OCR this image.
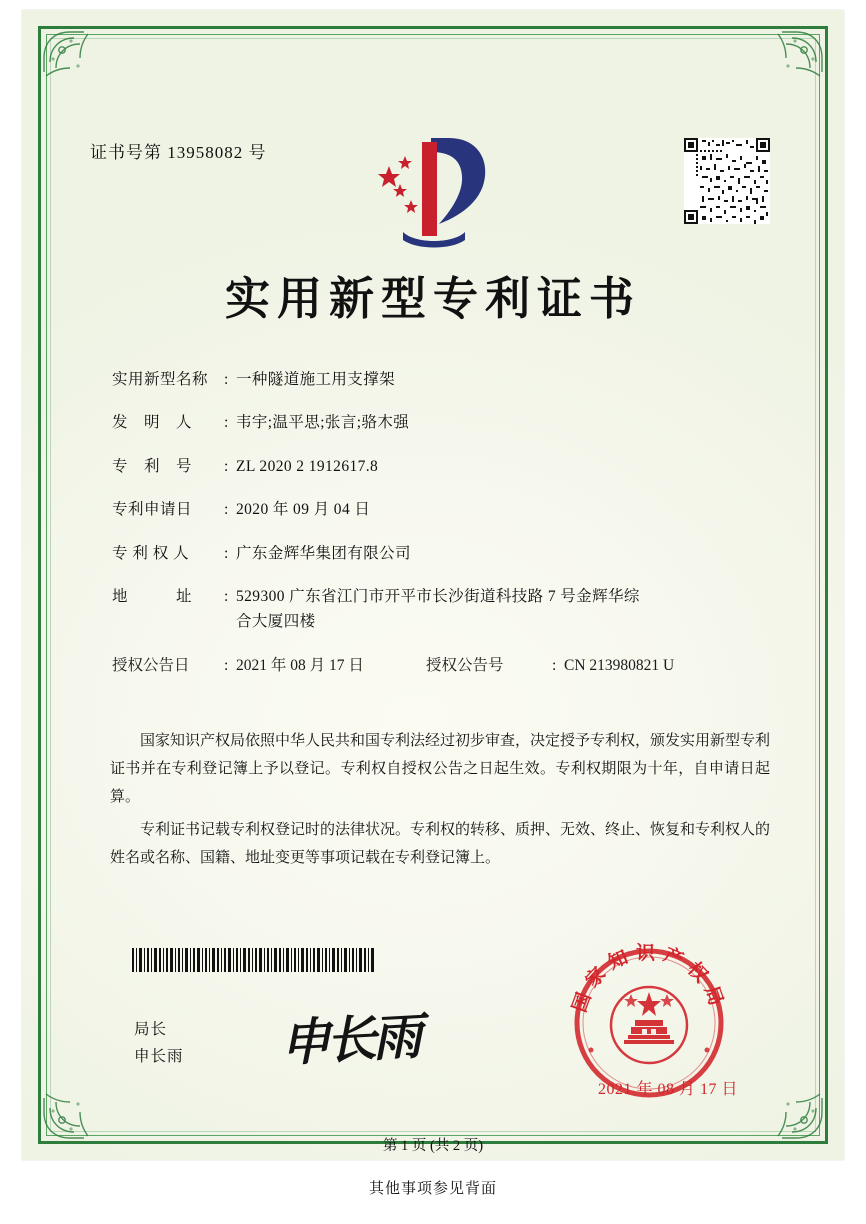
证书号第 13958082 号
实用新型专利证书
实用新型名称	: 一种隧道施工用支撑架
发　明　人	: 韦宇;温平思;张言;骆木强
专　利　号	: ZL 2020 2 1912617.8
专利申请日	: 2020 年 09 月 04 日
专 利 权 人	: 广东金辉华集团有限公司
地　　　址	: 529300 广东省江门市开平市长沙街道科技路 7 号金辉华综
合大厦四楼
授权公告日	: 2021 年 08 月 17 日	授权公告号	: CN 213980821 U

国家知识产权局依照中华人民共和国专利法经过初步审查，决定授予专利权，颁发实用新型专利证书并在专利登记簿上予以登记。专利权自授权公告之日起生效。专利权期限为十年，自申请日起算。

专利证书记载专利权登记时的法律状况。专利权的转移、质押、无效、终止、恢复和专利权人的姓名或名称、国籍、地址变更等事项记载在专利登记簿上。

局长
申长雨 申长雨
国家知识产权局
2021 年 08 月 17 日
第 1 页 (共 2 页)
其他事项参见背面
